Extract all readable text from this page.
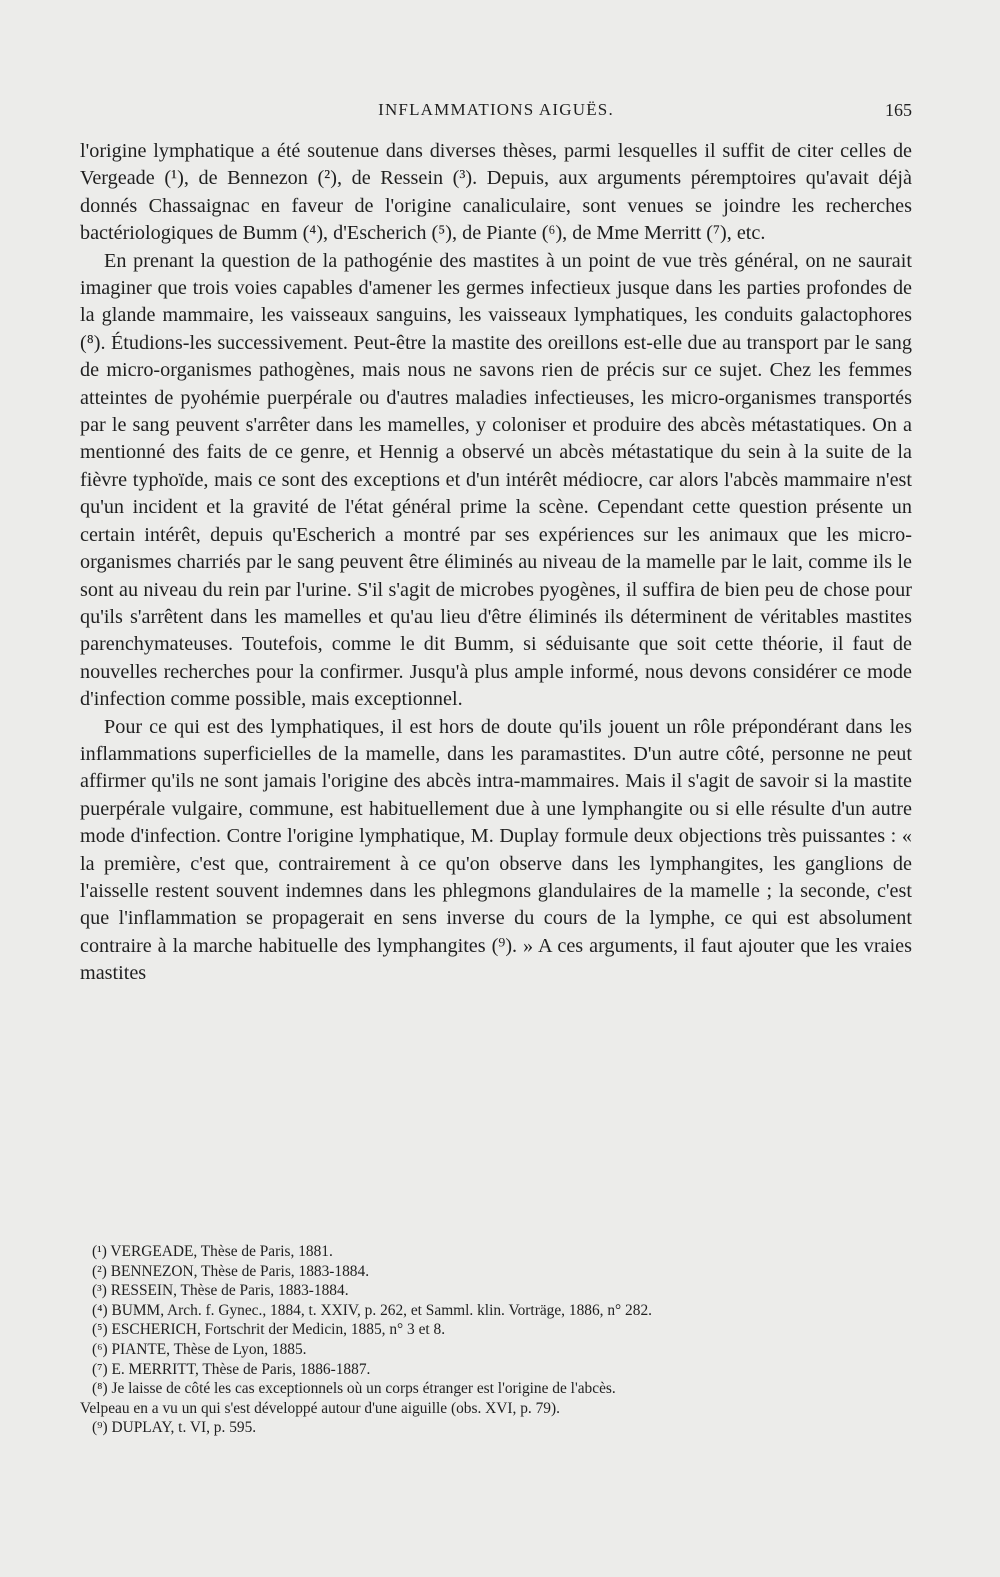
INFLAMMATIONS AIGUËS.	165

l'origine lymphatique a été soutenue dans diverses thèses, parmi lesquelles il suffit de citer celles de Vergeade (¹), de Bennezon (²), de Ressein (³). Depuis, aux arguments péremptoires qu'avait déjà donnés Chassaignac en faveur de l'origine canaliculaire, sont venues se joindre les recherches bactériologiques de Bumm (⁴), d'Escherich (⁵), de Piante (⁶), de Mme Merritt (⁷), etc.

En prenant la question de la pathogénie des mastites à un point de vue très général, on ne saurait imaginer que trois voies capables d'amener les germes infectieux jusque dans les parties profondes de la glande mammaire, les vaisseaux sanguins, les vaisseaux lymphatiques, les conduits galactophores (⁸). Étudions-les successivement. Peut-être la mastite des oreillons est-elle due au transport par le sang de micro-organismes pathogènes, mais nous ne savons rien de précis sur ce sujet. Chez les femmes atteintes de pyohémie puerpérale ou d'autres maladies infectieuses, les micro-organismes transportés par le sang peuvent s'arrêter dans les mamelles, y coloniser et produire des abcès métastatiques. On a mentionné des faits de ce genre, et Hennig a observé un abcès métastatique du sein à la suite de la fièvre typhoïde, mais ce sont des exceptions et d'un intérêt médiocre, car alors l'abcès mammaire n'est qu'un incident et la gravité de l'état général prime la scène. Cependant cette question présente un certain intérêt, depuis qu'Escherich a montré par ses expériences sur les animaux que les micro-organismes charriés par le sang peuvent être éliminés au niveau de la mamelle par le lait, comme ils le sont au niveau du rein par l'urine. S'il s'agit de microbes pyogènes, il suffira de bien peu de chose pour qu'ils s'arrêtent dans les mamelles et qu'au lieu d'être éliminés ils déterminent de véritables mastites parenchymateuses. Toutefois, comme le dit Bumm, si séduisante que soit cette théorie, il faut de nouvelles recherches pour la confirmer. Jusqu'à plus ample informé, nous devons considérer ce mode d'infection comme possible, mais exceptionnel.

Pour ce qui est des lymphatiques, il est hors de doute qu'ils jouent un rôle prépondérant dans les inflammations superficielles de la mamelle, dans les paramastites. D'un autre côté, personne ne peut affirmer qu'ils ne sont jamais l'origine des abcès intra-mammaires. Mais il s'agit de savoir si la mastite puerpérale vulgaire, commune, est habituellement due à une lymphangite ou si elle résulte d'un autre mode d'infection. Contre l'origine lymphatique, M. Duplay formule deux objections très puissantes : « la première, c'est que, contrairement à ce qu'on observe dans les lymphangites, les ganglions de l'aisselle restent souvent indemnes dans les phlegmons glandulaires de la mamelle ; la seconde, c'est que l'inflammation se propagerait en sens inverse du cours de la lymphe, ce qui est absolument contraire à la marche habituelle des lymphangites (⁹). » A ces arguments, il faut ajouter que les vraies mastites

(¹) VERGEADE, Thèse de Paris, 1881.

(²) BENNEZON, Thèse de Paris, 1883-1884.

(³) RESSEIN, Thèse de Paris, 1883-1884.

(⁴) BUMM, Arch. f. Gynec., 1884, t. XXIV, p. 262, et Samml. klin. Vorträge, 1886, n° 282.

(⁵) ESCHERICH, Fortschrit der Medicin, 1885, n° 3 et 8.

(⁶) PIANTE, Thèse de Lyon, 1885.

(⁷) E. MERRITT, Thèse de Paris, 1886-1887.

(⁸) Je laisse de côté les cas exceptionnels où un corps étranger est l'origine de l'abcès.

Velpeau en a vu un qui s'est développé autour d'une aiguille (obs. XVI, p. 79).

(⁹) DUPLAY, t. VI, p. 595.
